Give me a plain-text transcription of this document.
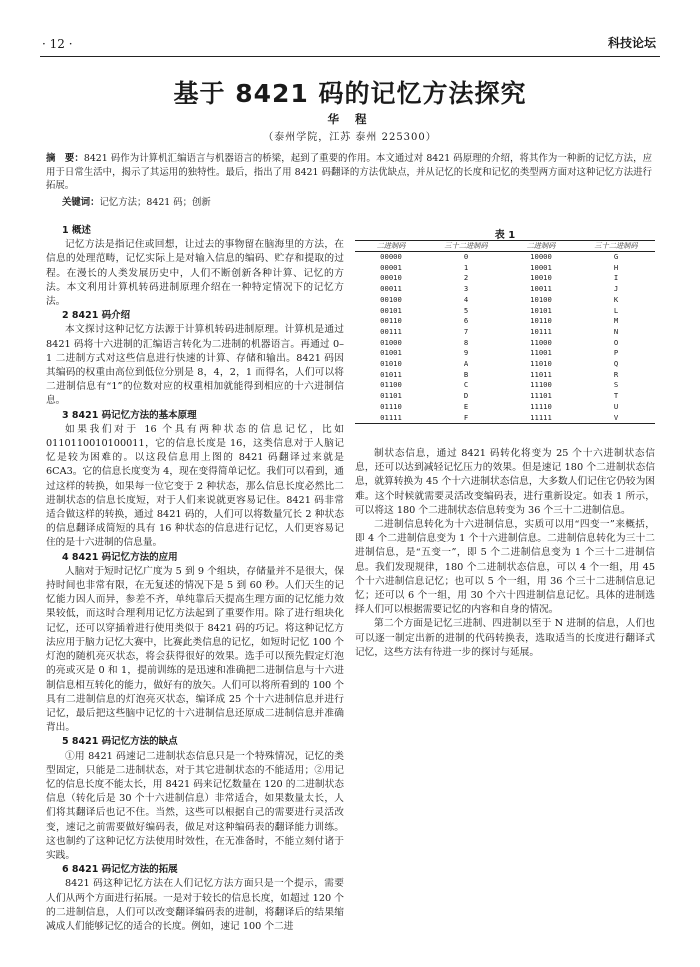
· 12 ·	科技论坛
基于 8421 码的记忆方法探究
华 程
（泰州学院，江苏 泰州 225300）
摘　要：8421 码作为计算机汇编语言与机器语言的桥梁，起到了重要的作用。本文通过对 8421 码原理的介绍，将其作为一种新的记忆方法，应用于日常生活中，揭示了其运用的独特性。最后，指出了用 8421 码翻译的方法优缺点，并从记忆的长度和记忆的类型两方面对这种记忆方法进行拓展。
关键词：记忆方法；8421 码；创新
1 概述

记忆方法是指记住或回想，让过去的事物留在脑海里的方法，在信息的处理范畴，记忆实际上是对输入信息的编码、贮存和提取的过程。在漫长的人类发展历史中，人们不断创新各种计算、记忆的方法。本文利用计算机转码进制原理介绍在一种特定情况下的记忆方法。

2 8421 码介绍

本文探讨这种记忆方法源于计算机转码进制原理。计算机是通过 8421 码将十六进制的汇编语言转化为二进制的机器语言。再通过 0–1 二进制方式对这些信息进行快速的计算、存储和输出。8421 码因其编码的权重由高位到低位分别是 8，4，2，1 而得名，人们可以将二进制信息有“1”的位数对应的权重相加就能得到相应的十六进制信息。

3 8421 码记忆方法的基本原理

如果我们对于 16 个具有两种状态的信息记忆，比如 0110110010100011，它的信息长度是 16，这类信息对于人脑记忆是较为困难的。以这段信息用上图的 8421 码翻译过来就是 6CA3。它的信息长度变为 4，现在变得简单记忆。我们可以看到，通过这样的转换，如果每一位它变于 2 种状态，那么信息长度必然比二进制状态的信息长度短，对于人们来说就更容易记住。8421 码非常适合做这样的转换，通过 8421 码的，人们可以将数量冗长 2 种状态的信息翻译成简短的具有 16 种状态的信息进行记忆，人们更容易记住的是十六进制的信息量。

4 8421 码记忆方法的应用

人脑对于短时记忆广度为 5 到 9 个组块，存储量并不是很大，保持时间也非常有限，在无复述的情况下是 5 到 60 秒。人们天生的记忆能力因人而异，参差不齐，单纯靠后天提高生理方面的记忆能力效果较低，而这时合理利用记忆方法起到了重要作用。除了进行组块化记忆，还可以穿插着进行使用类似于 8421 码的巧记。将这种记忆方法应用于脑力记忆大赛中，比赛此类信息的记忆，如短时记忆 100 个灯泡的随机亮灭状态，将会获得很好的效果。选手可以预先假定灯泡的亮或灭是 0 和 1，提前训练的是迅速和准确把二进制信息与十六进制信息相互转化的能力，做好有的放矢。人们可以将所看到的 100 个具有二进制信息的灯泡亮灭状态，编译成 25 个十六进制信息并进行记忆，最后把这些脑中记忆的十六进制信息还原成二进制信息并准确背出。

5 8421 码记忆方法的缺点

①用 8421 码速记二进制状态信息只是一个特殊情况，记忆的类型固定，只能是二进制状态，对于其它进制状态的不能适用；②用记忆的信息长度不能太长，用 8421 码来记忆数量在 120 的二进制状态信息（转化后是 30 个十六进制信息）非常适合，如果数量太长，人们将其翻译后也记不住。当然，这些可以根据自己的需要进行灵活改变，速记之前需要做好编码表，做足对这种编码表的翻译能力训练。这也制约了这种记忆方法使用时效性，在无准备时，不能立刻付诸于实践。

6 8421 码记忆方法的拓展

8421 码这种记忆方法在人们记忆方法方面只是一个提示，需要人们从两个方面进行拓展。一是对于较长的信息长度，如超过 120 个的二进制信息，人们可以改变翻译编码表的进制，将翻译后的结果缩减成人们能够记忆的适合的长度。例如，速记 100 个二进

表 1
二进制码	三十二进制码	二进制码	三十二进制码
00000	0	10000	G
00001	1	10001	H
00010	2	10010	I
00011	3	10011	J
00100	4	10100	K
00101	5	10101	L
00110	6	10110	M
00111	7	10111	N
01000	8	11000	O
01001	9	11001	P
01010	A	11010	Q
01011	B	11011	R
01100	C	11100	S
01101	D	11101	T
01110	E	11110	U
01111	F	11111	V

制状态信息，通过 8421 码转化将变为 25 个十六进制状态信息，还可以达到减轻记忆压力的效果。但是速记 180 个二进制状态信息，就算转换为 45 个十六进制状态信息，大多数人们记住它仍较为困难。这个时候就需要灵活改变编码表，进行重新设定。如表 1 所示，可以将这 180 个二进制状态信息转变为 36 个三十二进制信息。

二进制信息转化为十六进制信息，实质可以用“四变一”来概括，即 4 个二进制信息变为 1 个十六进制信息。二进制信息转化为三十二进制信息，是“五变一”，即 5 个二进制信息变为 1 个三十二进制信息。我们发现规律，180 个二进制状态信息，可以 4 个一组，用 45 个十六进制信息记忆；也可以 5 个一组，用 36 个三十二进制信息记忆；还可以 6 个一组，用 30 个六十四进制信息记忆。具体的进制选择人们可以根据需要记忆的内容和自身的情况。

第二个方面是记忆三进制、四进制以至于 N 进制的信息，人们也可以逐一制定出新的进制的代码转换表，选取适当的长度进行翻译式记忆，这些方法有待进一步的探讨与延展。
